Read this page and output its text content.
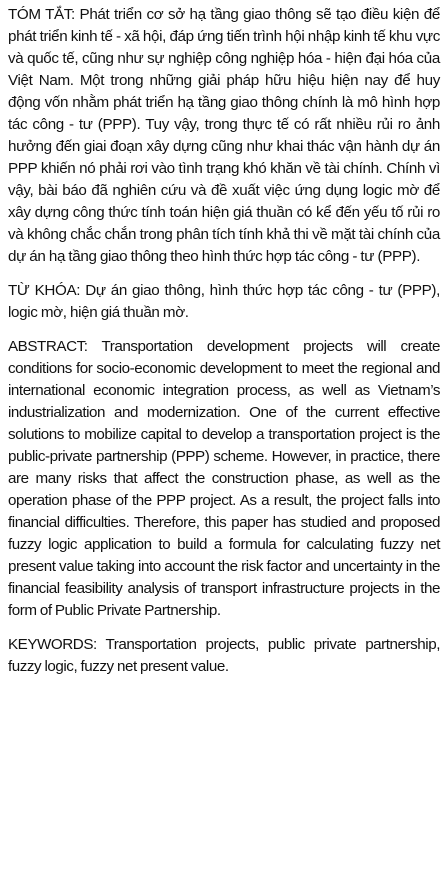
TÓM TẮT: Phát triển cơ sở hạ tầng giao thông sẽ tạo điều kiện để phát triển kinh tế - xã hội, đáp ứng tiến trình hội nhập kinh tế khu vực và quốc tế, cũng như sự nghiệp công nghiệp hóa - hiện đại hóa của Việt Nam. Một trong những giải pháp hữu hiệu hiện nay để huy động vốn nhằm phát triển hạ tầng giao thông chính là mô hình hợp tác công - tư (PPP). Tuy vậy, trong thực tế có rất nhiều rủi ro ảnh hưởng đến giai đoạn xây dựng cũng như khai thác vận hành dự án PPP khiến nó phải rơi vào tình trạng khó khăn về tài chính. Chính vì vậy, bài báo đã nghiên cứu và đề xuất việc ứng dụng logic mờ để xây dựng công thức tính toán hiện giá thuần có kể đến yếu tố rủi ro và không chắc chắn trong phân tích tính khả thi về mặt tài chính của dự án hạ tầng giao thông theo hình thức hợp tác công - tư (PPP).

TỪ KHÓA: Dự án giao thông, hình thức hợp tác công - tư (PPP), logic mờ, hiện giá thuần mờ.

ABSTRACT: Transportation development projects will create conditions for socio-economic development to meet the regional and international economic integration process, as well as Vietnam’s industrialization and modernization. One of the current effective solutions to mobilize capital to develop a transportation project is the public-private partnership (PPP) scheme. However, in practice, there are many risks that affect the construction phase, as well as the operation phase of the PPP project. As a result, the project falls into financial difficulties. Therefore, this paper has studied and proposed fuzzy logic application to build a formula for calculating fuzzy net present value taking into account the risk factor and uncertainty in the financial feasibility analysis of transport infrastructure projects in the form of Public Private Partnership.

KEYWORDS: Transportation projects, public private partnership, fuzzy logic, fuzzy net present value.
